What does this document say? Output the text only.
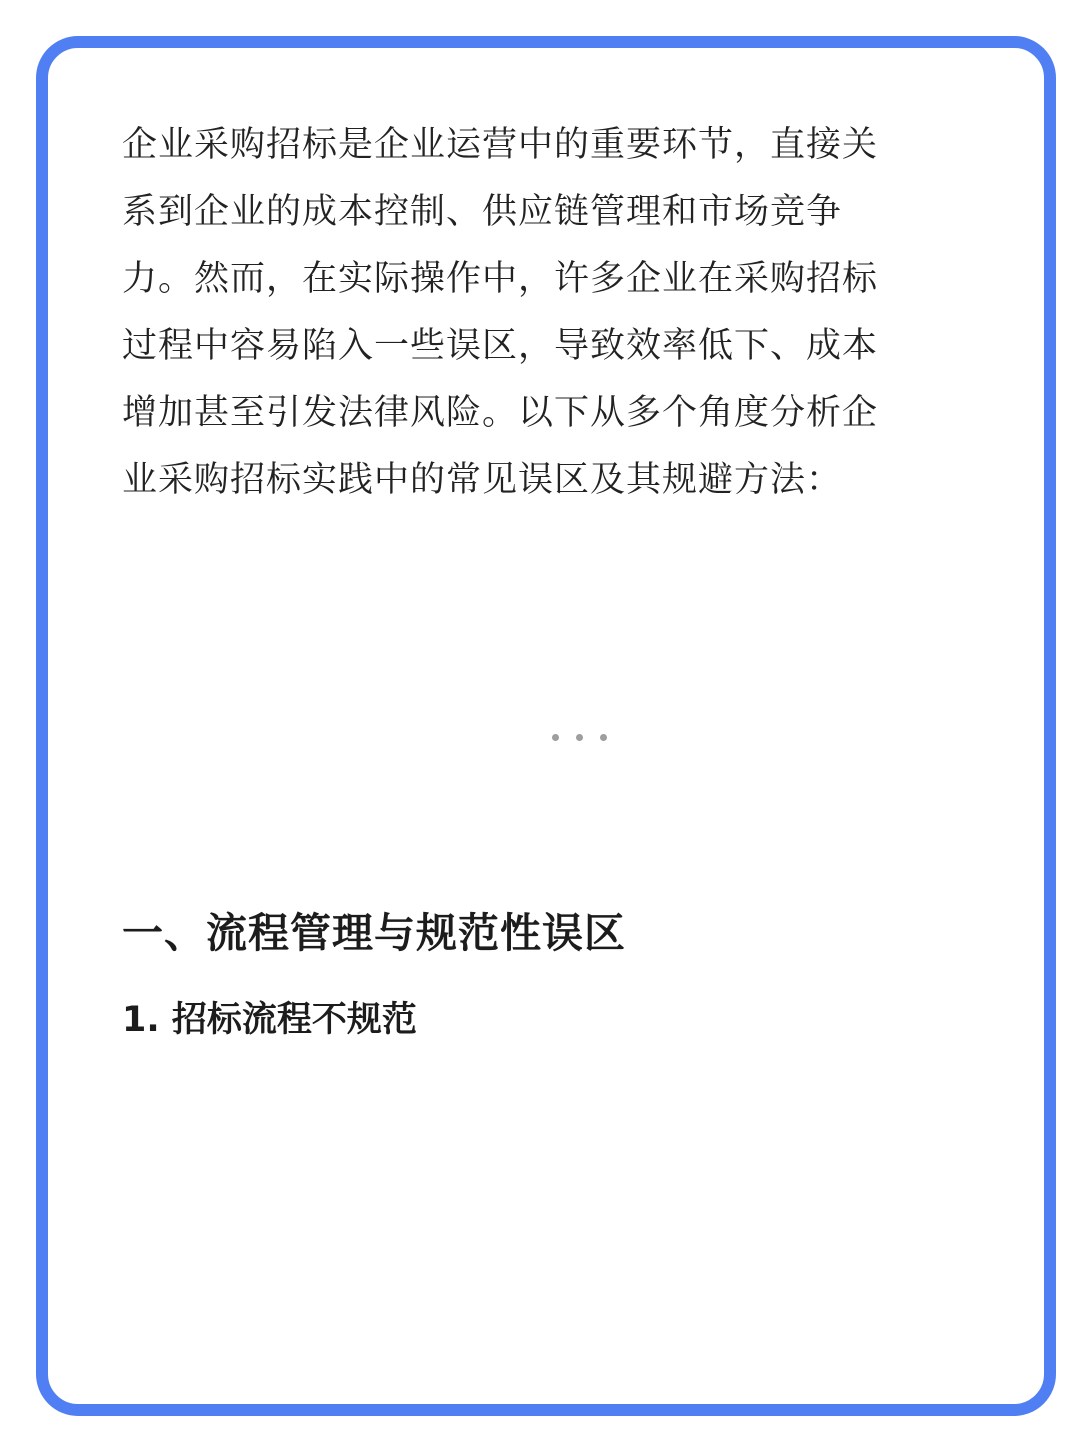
企业采购招标是企业运营中的重要环节，直接关系到企业的成本控制、供应链管理和市场竞争力。然而，在实际操作中，许多企业在采购招标过程中容易陷入一些误区，导致效率低下、成本增加甚至引发法律风险。以下从多个角度分析企业采购招标实践中的常见误区及其规避方法：

一、流程管理与规范性误区
1. 招标流程不规范
